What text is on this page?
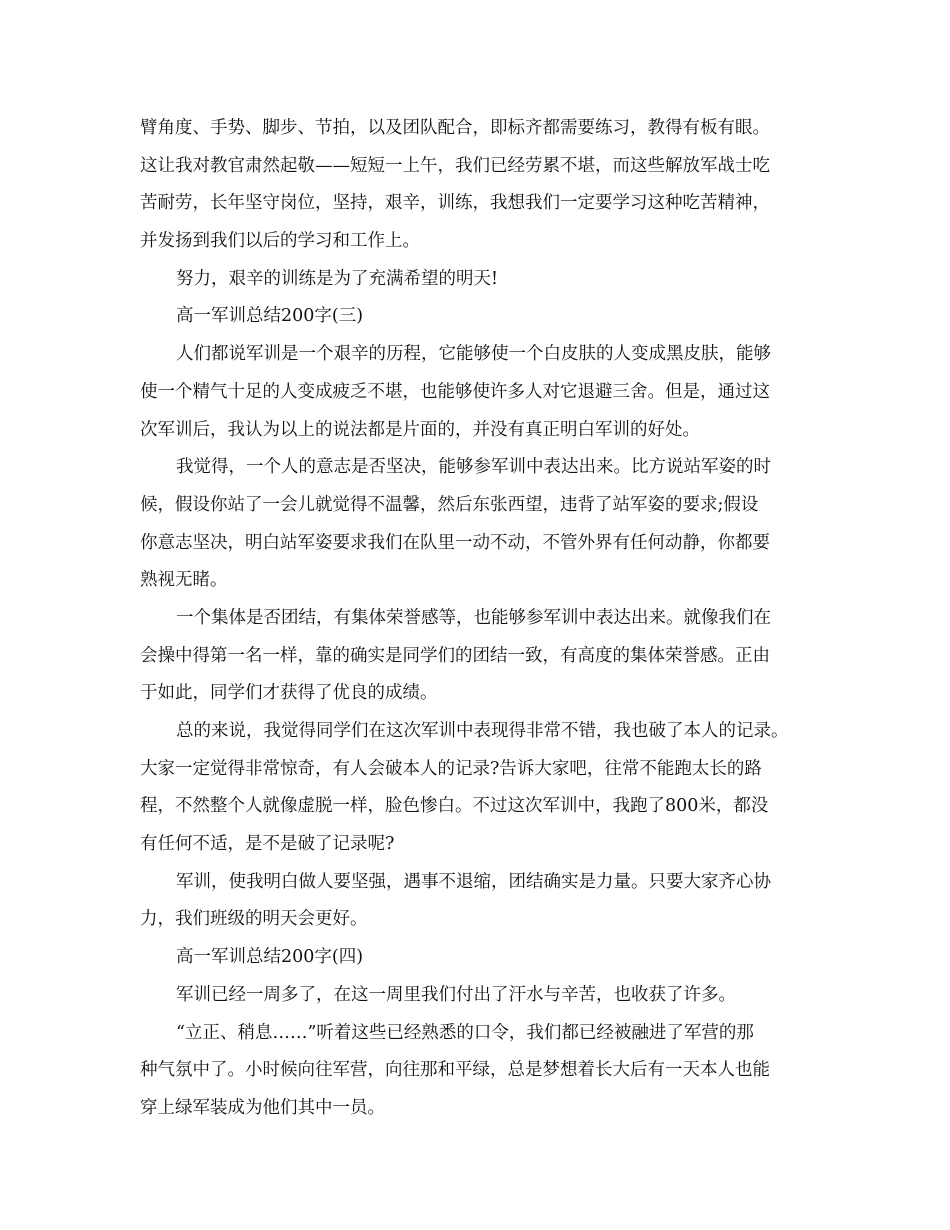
臂角度、手势、脚步、节拍，以及团队配合，即标齐都需要练习，教得有板有眼。
这让我对教官肃然起敬——短短一上午，我们已经劳累不堪，而这些解放军战士吃
苦耐劳，长年坚守岗位，坚持，艰辛，训练，我想我们一定要学习这种吃苦精神，
并发扬到我们以后的学习和工作上。
努力，艰辛的训练是为了充满希望的明天!
高一军训总结200字(三)
人们都说军训是一个艰辛的历程，它能够使一个白皮肤的人变成黑皮肤，能够
使一个精气十足的人变成疲乏不堪，也能够使许多人对它退避三舍。但是，通过这
次军训后，我认为以上的说法都是片面的，并没有真正明白军训的好处。
我觉得，一个人的意志是否坚决，能够参军训中表达出来。比方说站军姿的时
候，假设你站了一会儿就觉得不温馨，然后东张西望，违背了站军姿的要求;假设
你意志坚决，明白站军姿要求我们在队里一动不动，不管外界有任何动静，你都要
熟视无睹。
一个集体是否团结，有集体荣誉感等，也能够参军训中表达出来。就像我们在
会操中得第一名一样，靠的确实是同学们的团结一致，有高度的集体荣誉感。正由
于如此，同学们才获得了优良的成绩。
总的来说，我觉得同学们在这次军训中表现得非常不错，我也破了本人的记录。
大家一定觉得非常惊奇，有人会破本人的记录?告诉大家吧，往常不能跑太长的路
程，不然整个人就像虚脱一样，脸色惨白。不过这次军训中，我跑了800米，都没
有任何不适，是不是破了记录呢?
军训，使我明白做人要坚强，遇事不退缩，团结确实是力量。只要大家齐心协
力，我们班级的明天会更好。
高一军训总结200字(四)
军训已经一周多了，在这一周里我们付出了汗水与辛苦，也收获了许多。
“立正、稍息……”听着这些已经熟悉的口令，我们都已经被融进了军营的那
种气氛中了。小时候向往军营，向往那和平绿，总是梦想着长大后有一天本人也能
穿上绿军装成为他们其中一员。
